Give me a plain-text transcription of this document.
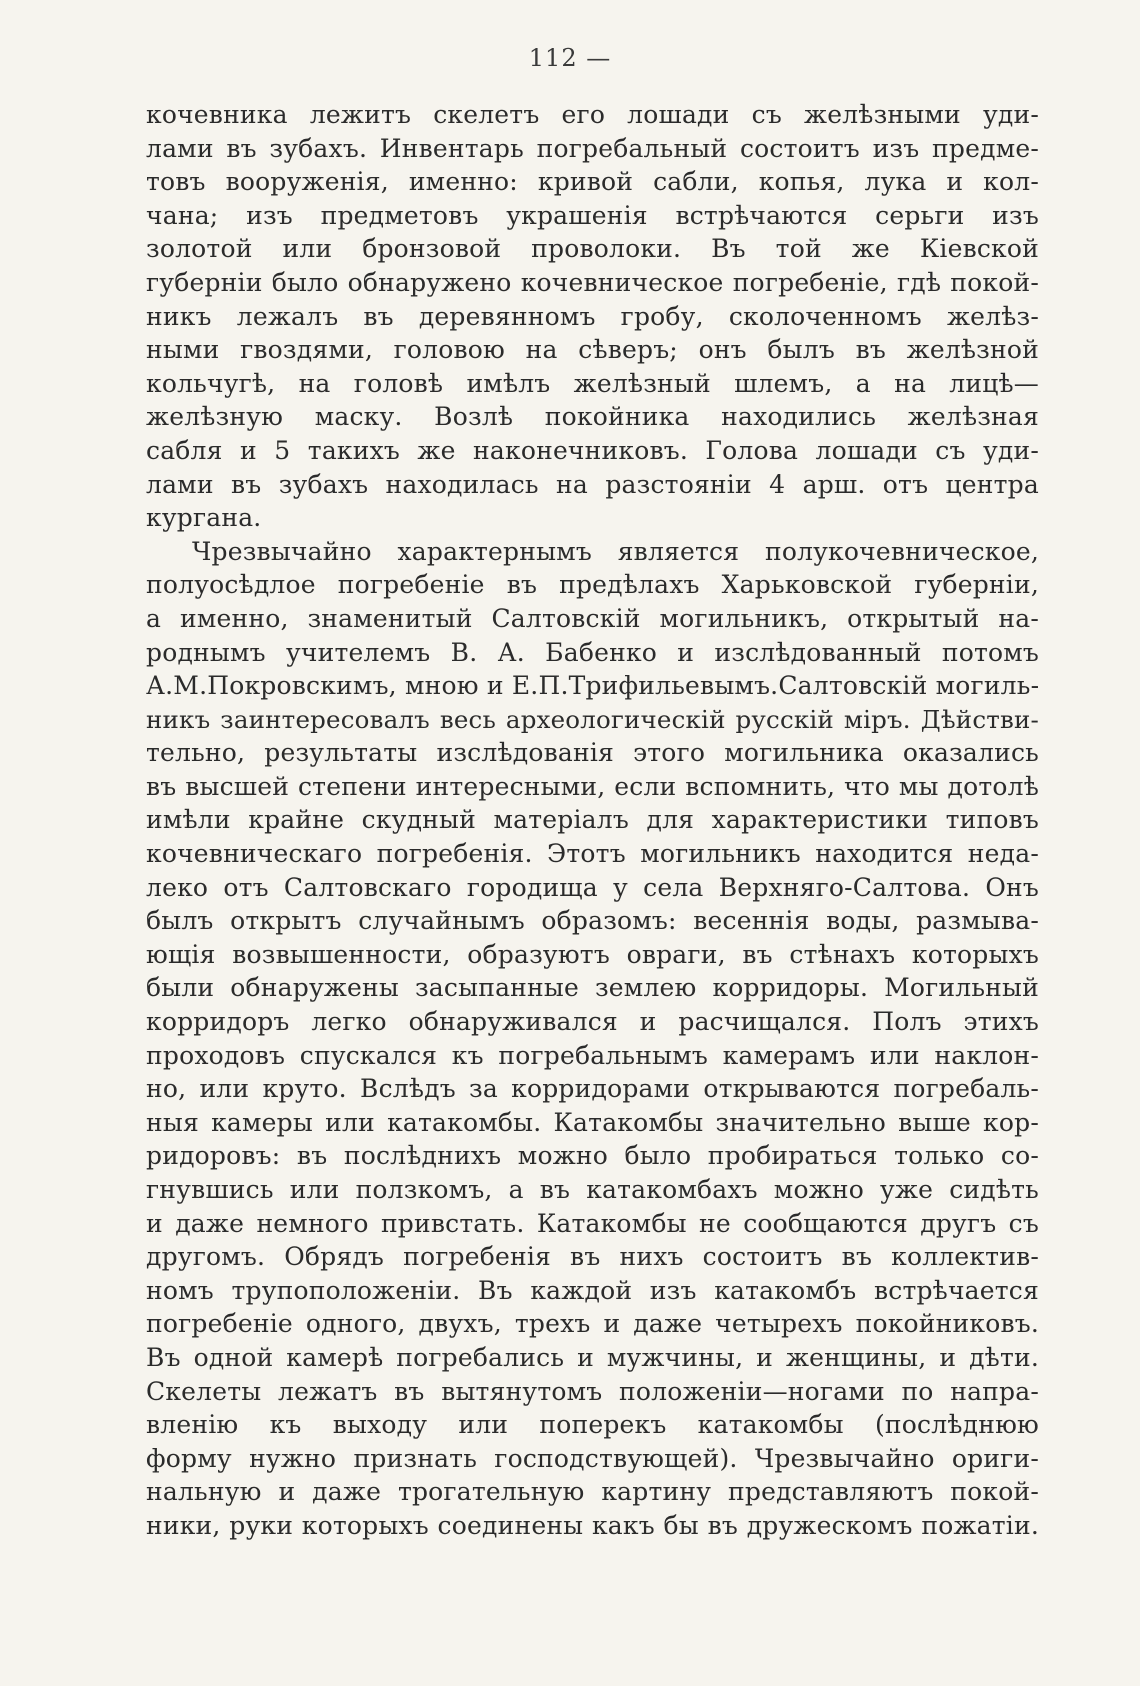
112 —
кочевника лежитъ скелетъ его лошади съ желѣзными уди-
лами въ зубахъ. Инвентарь погребальный состоитъ изъ предме-
товъ вооруженія, именно: кривой сабли, копья, лука и кол-
чана; изъ предметовъ украшенія встрѣчаются серьги изъ
золотой или бронзовой проволоки. Въ той же Кіевской
губерніи было обнаружено кочевническое погребеніе, гдѣ покой-
никъ лежалъ въ деревянномъ гробу, сколоченномъ желѣз-
ными гвоздями, головою на сѣверъ; онъ былъ въ желѣзной
кольчугѣ, на головѣ имѣлъ желѣзный шлемъ, а на лицѣ—
желѣзную маску. Возлѣ покойника находились желѣзная
сабля и 5 такихъ же наконечниковъ. Голова лошади съ уди-
лами въ зубахъ находилась на разстояніи 4 арш. отъ центра
кургана.
Чрезвычайно характернымъ является полукочевническое,
полуосѣдлое погребеніе въ предѣлахъ Харьковской губерніи,
а именно, знаменитый Салтовскій могильникъ, открытый на-
роднымъ учителемъ В. А. Бабенко и изслѣдованный потомъ
А.М.Покровскимъ, мною и Е.П.Трифильевымъ.Салтовскій могиль-
никъ заинтересовалъ весь археологическій русскій міръ. Дѣйстви-
тельно, результаты изслѣдованія этого могильника оказались
въ высшей степени интересными, если вспомнить, что мы дотолѣ
имѣли крайне скудный матеріалъ для характеристики типовъ
кочевническаго погребенія. Этотъ могильникъ находится неда-
леко отъ Салтовскаго городища у села Верхняго-Салтова. Онъ
былъ открытъ случайнымъ образомъ: весеннія воды, размыва-
ющія возвышенности, образуютъ овраги, въ стѣнахъ которыхъ
были обнаружены засыпанные землею корридоры. Могильный
корридоръ легко обнаруживался и расчищался. Полъ этихъ
проходовъ спускался къ погребальнымъ камерамъ или наклон-
но, или круто. Вслѣдъ за корридорами открываются погребаль-
ныя камеры или катакомбы. Катакомбы значительно выше кор-
ридоровъ: въ послѣднихъ можно было пробираться только со-
гнувшись или ползкомъ, а въ катакомбахъ можно уже сидѣть
и даже немного привстать. Катакомбы не сообщаются другъ съ
другомъ. Обрядъ погребенія въ нихъ состоитъ въ коллектив-
номъ трупоположеніи. Въ каждой изъ катакомбъ встрѣчается
погребеніе одного, двухъ, трехъ и даже четырехъ покойниковъ.
Въ одной камерѣ погребались и мужчины, и женщины, и дѣти.
Скелеты лежатъ въ вытянутомъ положеніи—ногами по напра-
вленію къ выходу или поперекъ катакомбы (послѣднюю
форму нужно признать господствующей). Чрезвычайно ориги-
нальную и даже трогательную картину представляютъ покой-
ники, руки которыхъ соединены какъ бы въ дружескомъ пожатіи.
